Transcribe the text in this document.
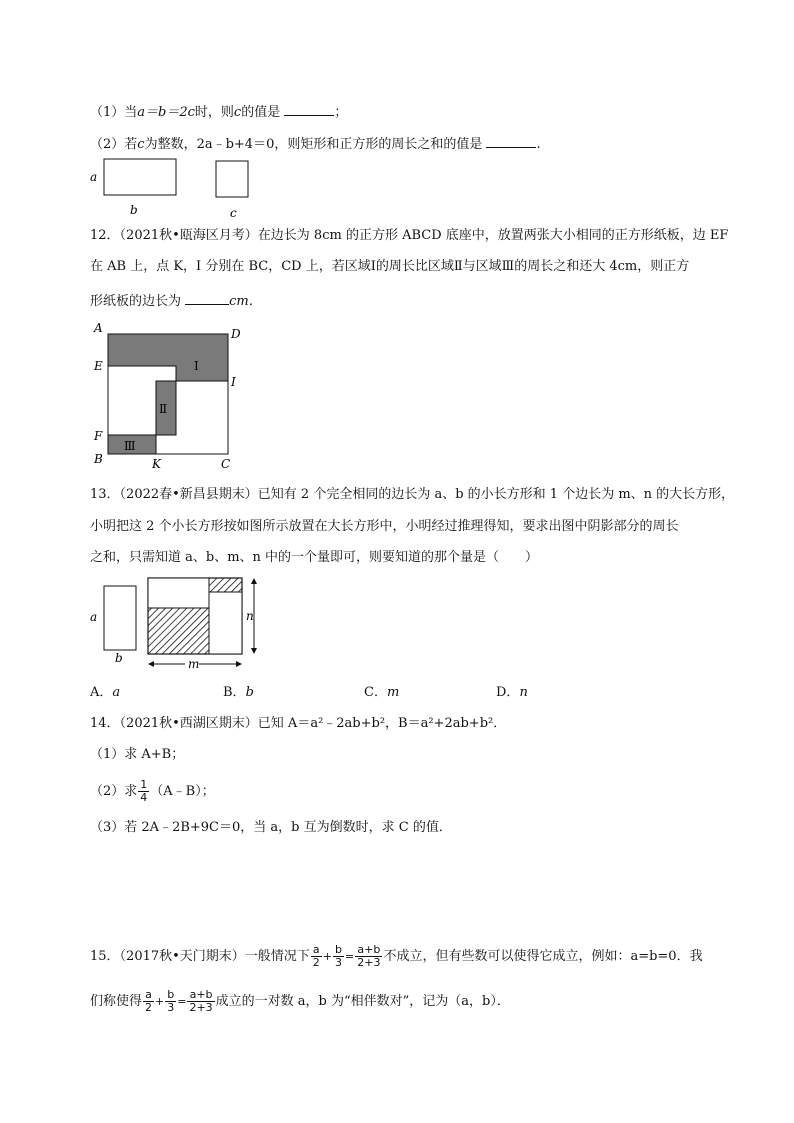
（1）当a＝b＝2c时，则c的值是	；
（2）若c为整数，2a﹣b+4＝0，则矩形和正方形的周长之和的值是	.
a
b	c
12．（2021秋•瓯海区月考）在边长为 8cm 的正方形 ABCD 底座中，放置两张大小相同的正方形纸板，边 EF
在 AB 上，点 K，I 分别在 BC，CD 上，若区域Ⅰ的周长比区域Ⅱ与区域Ⅲ的周长之和还大 4cm，则正方
形纸板的边长为	cm．
Ⅰ
Ⅱ
Ⅲ
A	D
E
I
F
B	K	C
13．（2022春•新昌县期末）已知有 2 个完全相同的边长为 a、b 的小长方形和 1 个边长为 m、n 的大长方形，
小明把这 2 个小长方形按如图所示放置在大长方形中，小明经过推理得知，要求出图中阴影部分的周长
之和，只需知道 a、b、m、n 中的一个量即可，则要知道的那个量是（　　）
a
b
n
m
A．a	B．b	C．m	D．n
14．（2021秋•西湖区期末）已知 A＝a²﹣2ab+b²，B＝a²+2ab+b²．
（1）求 A+B；
（2）求 $\frac{1}{4}$ （A﹣B）；
（3）若 2A﹣2B+9C＝0，当 a，b 互为倒数时，求 C 的值．
15．（2017秋•天门期末）一般情况下 $\frac{a}{2} + \frac{b}{3} = \frac{a+b}{2+3}$ 不成立，但有些数可以使得它成立，例如：a=b=0．我
们称使得 $\frac{a}{2} + \frac{b}{3} = \frac{a+b}{2+3}$ 成立的一对数 a，b 为“相伴数对”，记为（a，b）．
